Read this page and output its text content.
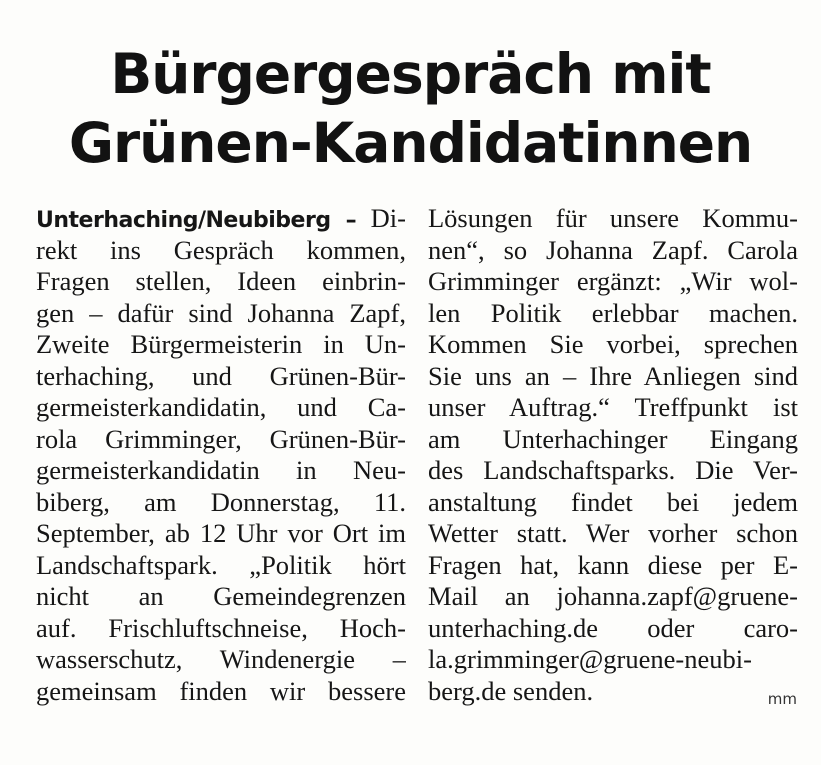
Bürgergespräch mit
Grünen-Kandidatinnen
Unterhaching/Neubiberg – Di-
rekt ins Gespräch kommen,
Fragen stellen, Ideen einbrin-
gen – dafür sind Johanna Zapf,
Zweite Bürgermeisterin in Un-
terhaching, und Grünen-Bür-
germeisterkandidatin, und Ca-
rola Grimminger, Grünen-Bür-
germeisterkandidatin in Neu-
biberg, am Donnerstag, 11.
September, ab 12 Uhr vor Ort im
Landschaftspark. „Politik hört
nicht an Gemeindegrenzen
auf. Frischluftschneise, Hoch-
wasserschutz, Windenergie –
gemeinsam finden wir bessere
Lösungen für unsere Kommu-
nen“, so Johanna Zapf. Carola
Grimminger ergänzt: „Wir wol-
len Politik erlebbar machen.
Kommen Sie vorbei, sprechen
Sie uns an – Ihre Anliegen sind
unser Auftrag.“ Treffpunkt ist
am Unterhachinger Eingang
des Landschaftsparks. Die Ver-
anstaltung findet bei jedem
Wetter statt. Wer vorher schon
Fragen hat, kann diese per E-
Mail an johanna.zapf@gruene-
unterhaching.de oder caro-
la.grimminger@gruene-neubi-
berg.de senden.	mm
